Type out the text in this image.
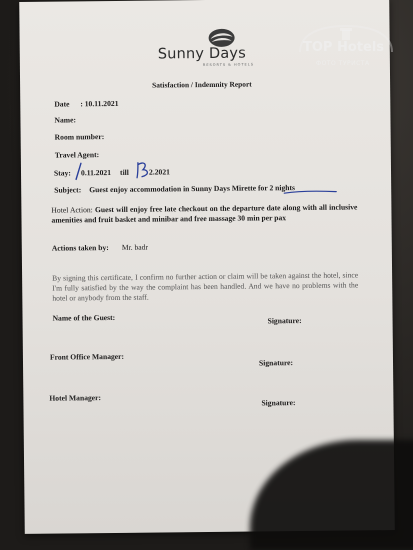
Sunny Days
RESORTS & HOTELS
Satisfaction / Indemnity Report
Date : 10.11.2021
Name:
Room number:
Travel Agent:
Stay: 0.11.2021 till	2.2021
Subject: Guest enjoy accommodation in Sunny Days Mirette for 2 nights
Hotel Action: Guest will enjoy free late checkout on the departure date along with all inclusive amenities and fruit basket and minibar and free massage 30 min per pax
Actions taken by: Mr. badr
By signing this certificate, I confirm no further action or claim will be taken against the hotel, since I'm fully satisfied by the way the complaint has been handled. And we have no problems with the hotel or anybody from the staff.
Name of the Guest:	Signature:
Front Office Manager:
Signature:
Hotel Manager:
Signature:
TOP Hotels
ФОТО ТУРИСТА
